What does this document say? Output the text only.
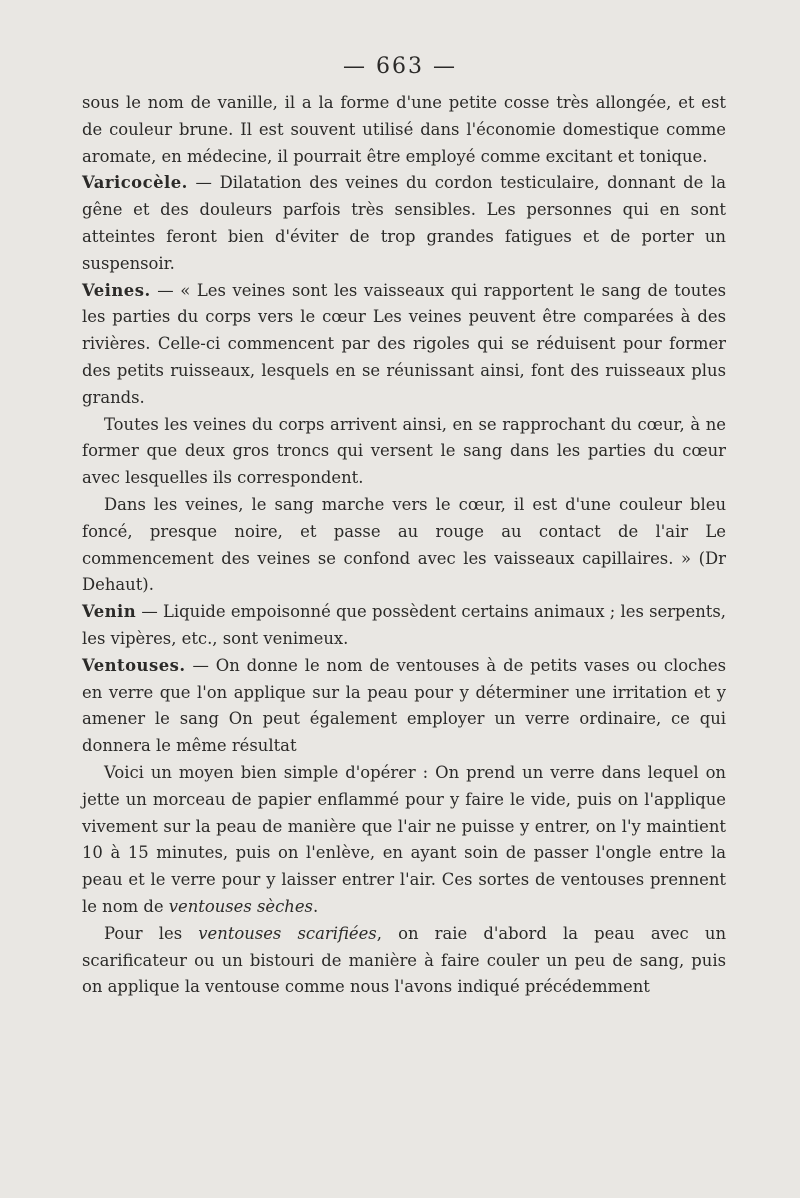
— 663 —

sous le nom de vanille, il a la forme d'une petite cosse très allongée, et est de couleur brune. Il est souvent utilisé dans l'économie domestique comme aromate, en médecine, il pourrait être employé comme excitant et tonique.

Varicocèle. — Dilatation des veines du cordon testiculaire, donnant de la gêne et des douleurs parfois très sensibles. Les personnes qui en sont atteintes feront bien d'éviter de trop grandes fatigues et de porter un suspensoir.

Veines. — « Les veines sont les vaisseaux qui rapportent le sang de toutes les parties du corps vers le cœur Les veines peuvent être comparées à des rivières. Celle-ci commencent par des rigoles qui se réduisent pour former des petits ruisseaux, lesquels en se réunissant ainsi, font des ruisseaux plus grands.

Toutes les veines du corps arrivent ainsi, en se rapprochant du cœur, à ne former que deux gros troncs qui versent le sang dans les parties du cœur avec lesquelles ils correspondent.

Dans les veines, le sang marche vers le cœur, il est d'une couleur bleu foncé, presque noire, et passe au rouge au contact de l'air Le commencement des veines se confond avec les vaisseaux capillaires. » (Dr Dehaut).

Venin — Liquide empoisonné que possèdent certains animaux ; les serpents, les vipères, etc., sont venimeux.

Ventouses. — On donne le nom de ventouses à de petits vases ou cloches en verre que l'on applique sur la peau pour y déterminer une irritation et y amener le sang On peut également employer un verre ordinaire, ce qui donnera le même résultat

Voici un moyen bien simple d'opérer : On prend un verre dans lequel on jette un morceau de papier enflammé pour y faire le vide, puis on l'applique vivement sur la peau de manière que l'air ne puisse y entrer, on l'y maintient 10 à 15 minutes, puis on l'enlève, en ayant soin de passer l'ongle entre la peau et le verre pour y laisser entrer l'air. Ces sortes de ventouses prennent le nom de ventouses sèches.

Pour les ventouses scarifiées, on raie d'abord la peau avec un scarificateur ou un bistouri de manière à faire couler un peu de sang, puis on applique la ventouse comme nous l'avons indiqué précédemment
